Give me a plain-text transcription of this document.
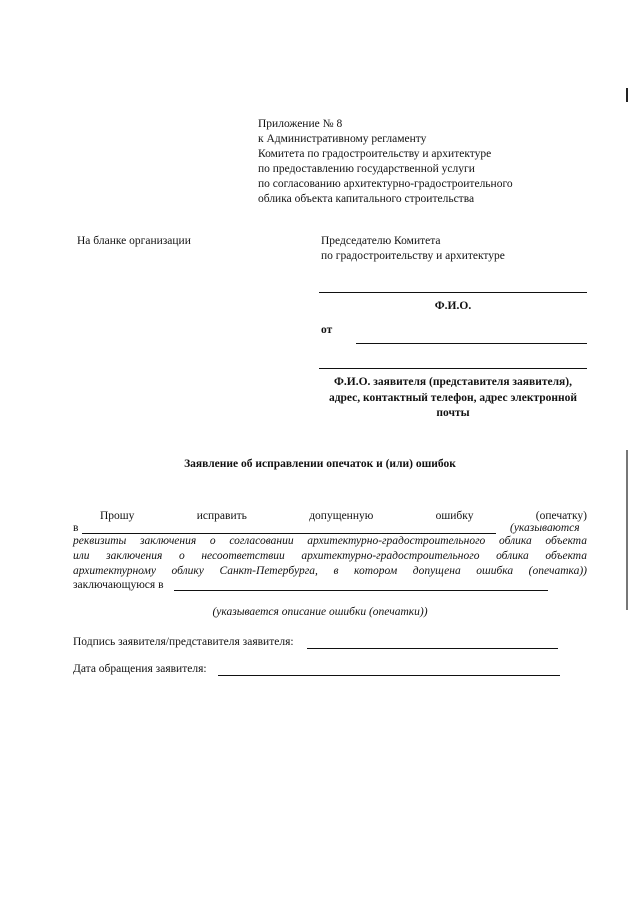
Приложение № 8
к Административному регламенту
Комитета по градостроительству и архитектуре
по предоставлению государственной услуги
по согласованию архитектурно-градостроительного
облика объекта капитального строительства
На бланке организации	Председателю Комитета
по градостроительству и архитектуре
Ф.И.О.
от
Ф.И.О. заявителя (представителя заявителя),
адрес, контактный телефон, адрес электронной
почты
Заявление об исправлении опечаток и (или) ошибок
Прошу	исправить	допущенную	ошибку	(опечатку)
в	(указываются
реквизиты заключения о согласовании архитектурно-градостроительного облика объекта
или заключения о несоответствии архитектурно-градостроительного облика объекта
архитектурному облику Санкт-Петербурга, в котором допущена ошибка (опечатка))
заключающуюся в
(указывается описание ошибки (опечатки))
Подпись заявителя/представителя заявителя:
Дата обращения заявителя:
